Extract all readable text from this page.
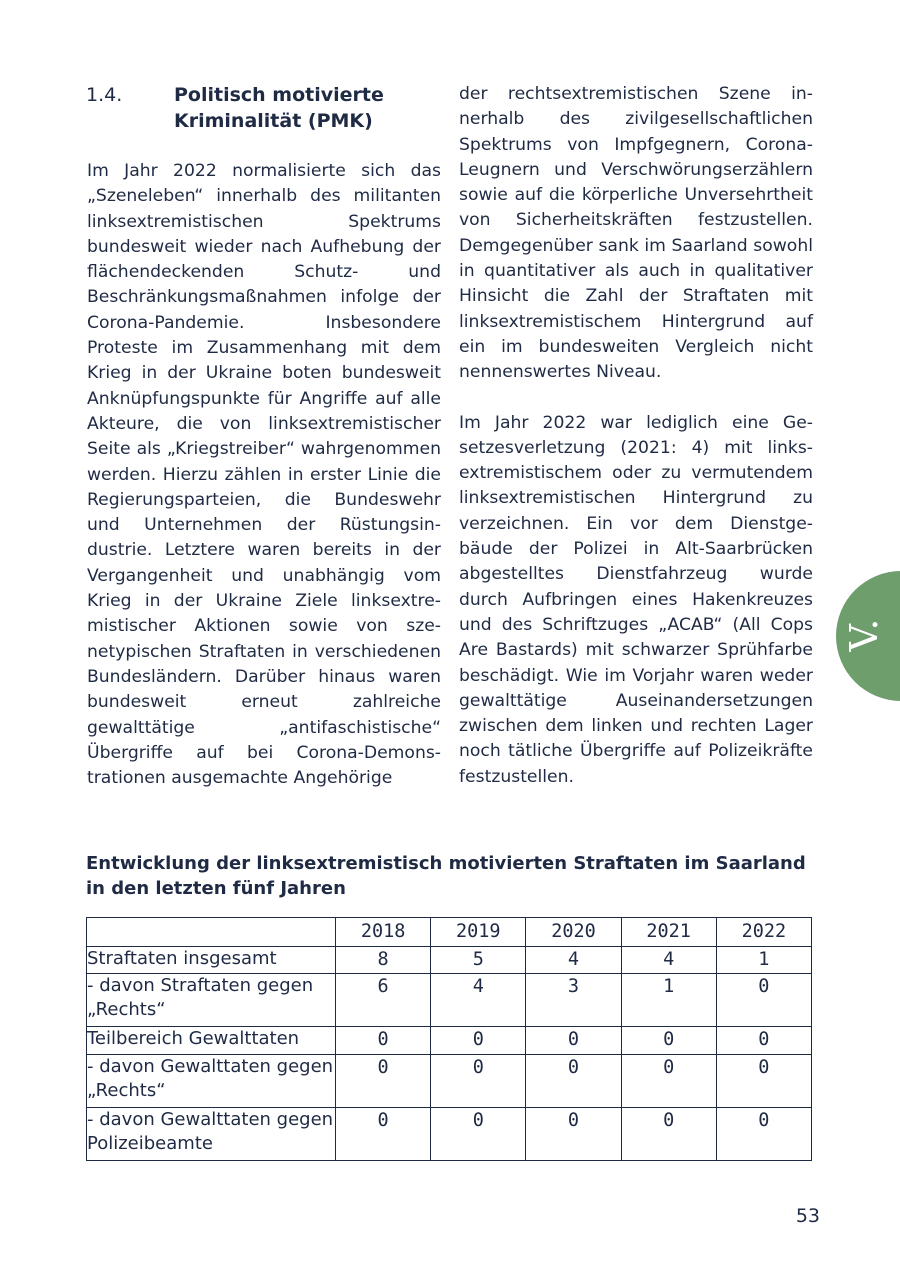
1.4.	Politisch motivierte Kriminalität (PMK)

Im Jahr 2022 normalisierte sich das „Szeneleben“ innerhalb des militanten linksextremistischen Spektrums bundesweit wieder nach Aufhebung der flächendeckenden Schutz- und Beschränkungsmaßnahmen infolge der Corona-Pandemie. Insbesondere Proteste im Zusammenhang mit dem Krieg in der Ukraine boten bundesweit Anknüpfungspunkte für Angriffe auf alle Akteure, die von linksextremistischer Seite als „Kriegstreiber“ wahrgenommen werden. Hierzu zählen in erster Linie die Regierungsparteien, die Bundeswehr und Unternehmen der Rüstungsindustrie. Letztere waren bereits in der Vergangenheit und unabhängig vom Krieg in der Ukraine Ziele linksextremistischer Aktionen sowie von szenetypischen Straftaten in verschiedenen Bundesländern. Darüber hinaus waren bundesweit erneut zahlreiche gewalttätige „antifaschistische“ Übergriffe auf bei Corona-Demonstrationen ausgemachte Angehörige

der rechtsextremistischen Szene innerhalb des zivilgesellschaftlichen Spektrums von Impfgegnern, Corona-Leugnern und Verschwörungserzählern sowie auf die körperliche Unversehrtheit von Sicherheitskräften festzustellen. Demgegenüber sank im Saarland sowohl in quantitativer als auch in qualitativer Hinsicht die Zahl der Straftaten mit linksextremistischem Hintergrund auf ein im bundesweiten Vergleich nicht nennenswertes Niveau.

Im Jahr 2022 war lediglich eine Gesetzesverletzung (2021: 4) mit linksextremistischem oder zu vermutendem linksextremistischen Hintergrund zu verzeichnen. Ein vor dem Dienstgebäude der Polizei in Alt-Saarbrücken abgestelltes Dienstfahrzeug wurde durch Aufbringen eines Hakenkreuzes und des Schriftzuges „ACAB“ (All Cops Are Bastards) mit schwarzer Sprühfarbe beschädigt. Wie im Vorjahr waren weder gewalttätige Auseinandersetzungen zwischen dem linken und rechten Lager noch tätliche Übergriffe auf Polizeikräfte festzustellen.

Entwicklung der linksextremistisch motivierten Straftaten im Saarland in den letzten fünf Jahren
	2018	2019	2020	2021	2022
Straftaten insgesamt	8	5	4	4	1
- davon Straftaten gegen „Rechts“	6	4	3	1	0
Teilbereich Gewalttaten	0	0	0	0	0
- davon Gewalttaten gegen „Rechts“	0	0	0	0	0
- davon Gewalttaten gegen Polizeibeamte	0	0	0	0	0
V.
53
